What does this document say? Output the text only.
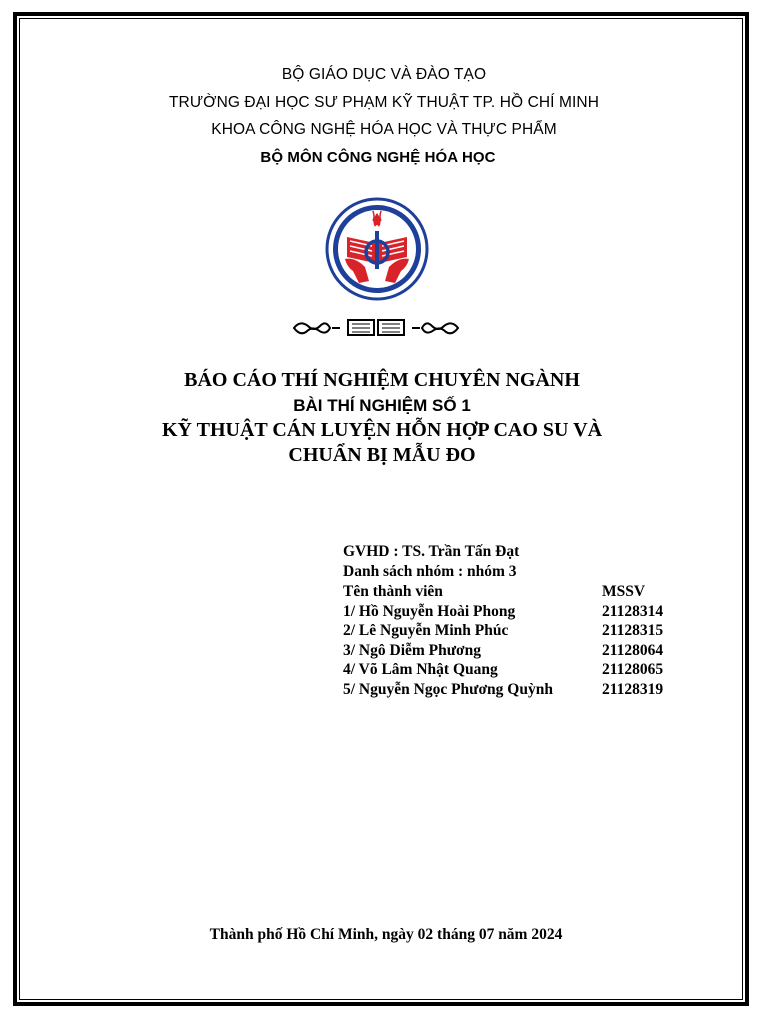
BỘ GIÁO DỤC VÀ ĐÀO TẠO
TRƯỜNG ĐẠI HỌC SƯ PHẠM KỸ THUẬT TP. HỒ CHÍ MINH
KHOA CÔNG NGHỆ HÓA HỌC VÀ THỰC PHẨM
BỘ MÔN CÔNG NGHỆ HÓA HỌC
BÁO CÁO THÍ NGHIỆM CHUYÊN NGÀNH
BÀI THÍ NGHIỆM SỐ 1
KỸ THUẬT CÁN LUYỆN HỖN HỢP CAO SU VÀ
CHUẨN BỊ MẪU ĐO
GVHD : TS. Trần Tấn Đạt
Danh sách nhóm : nhóm 3
Tên thành viên	MSSV
1/ Hồ Nguyễn Hoài Phong	21128314
2/ Lê Nguyễn Minh Phúc	21128315
3/ Ngô Diễm Phương	21128064
4/ Võ Lâm Nhật Quang	21128065
5/ Nguyễn Ngọc Phương Quỳnh	21128319
Thành phố Hồ Chí Minh, ngày 02 tháng 07 năm 2024
